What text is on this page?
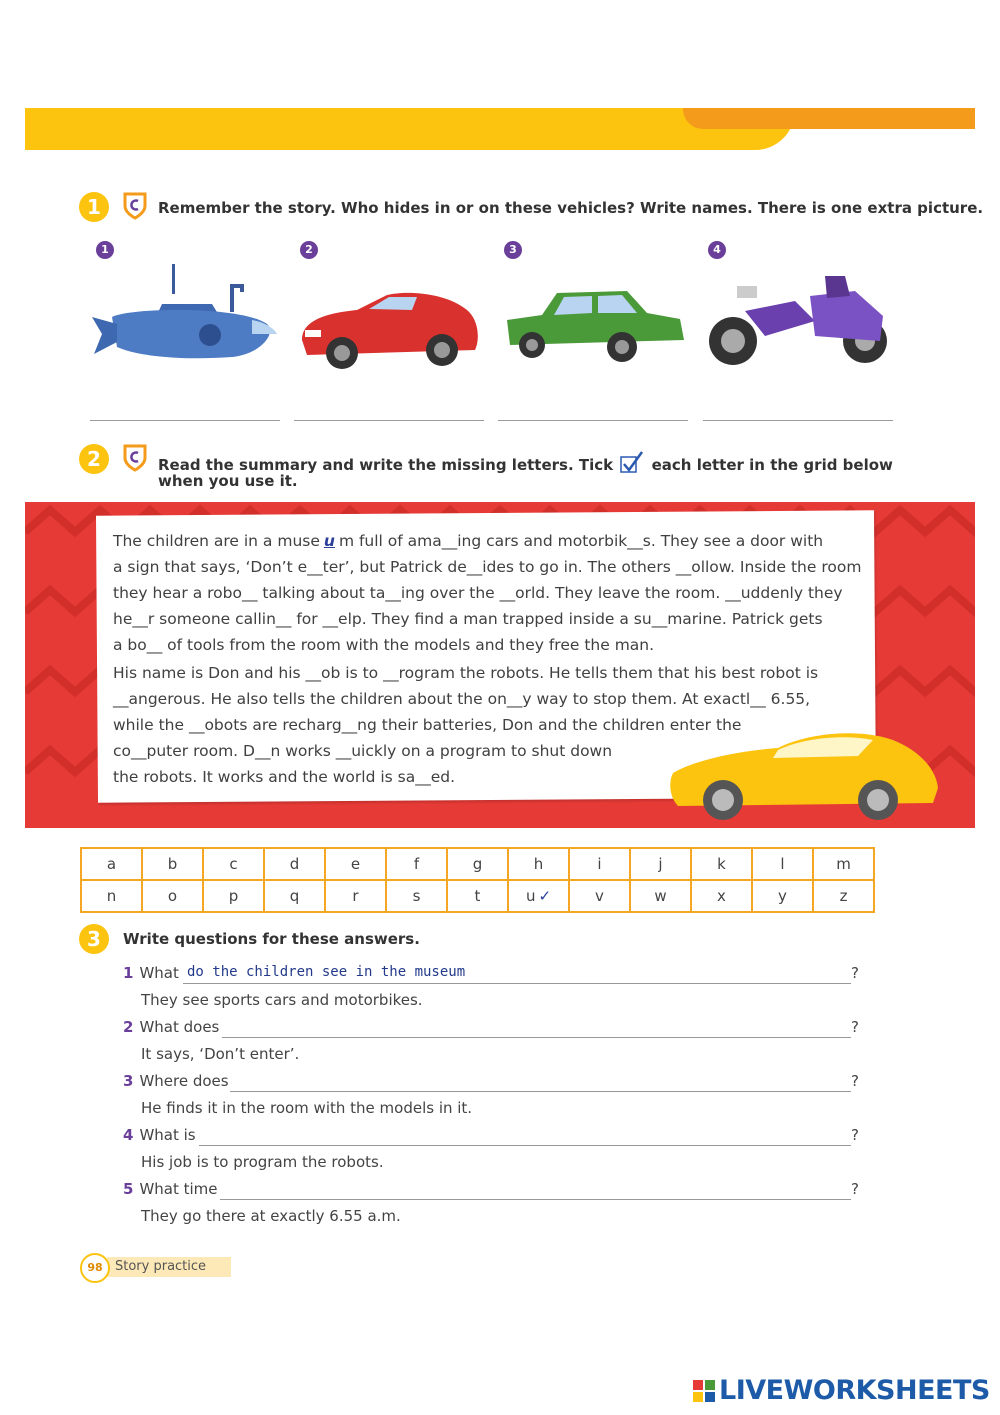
1	Remember the story. Who hides in or on these vehicles? Write names. There is one extra picture.
1	2	3	4
2	Read the summary and write the missing letters. Tick	each letter in the grid below
when you use it.
The children are in a muse u m full of ama__ing cars and motorbik__s. They see a door with
a sign that says, ‘Don’t e__ter’, but Patrick de__ides to go in. The others __ollow. Inside the room
they hear a robo__ talking about ta__ing over the __orld. They leave the room. __uddenly they
he__r someone callin__ for __elp. They find a man trapped inside a su__marine. Patrick gets
a bo__ of tools from the room with the models and they free the man.
His name is Don and his __ob is to __rogram the robots. He tells them that his best robot is
__angerous. He also tells the children about the on__y way to stop them. At exactl__ 6.55,
while the __obots are recharg__ng their batteries, Don and the children enter the
co__puter room. D__n works __uickly on a program to shut down
the robots. It works and the world is sa__ed.
a	b	c	d	e	f	g	h	i	j	k	l	m
n	o	p	q	r	s	t	u ✓	v	w	x	y	z
3	Write questions for these answers.
1 What do the children see in the museum	?
They see sports cars and motorbikes.
2 What does	?
It says, ‘Don’t enter’.
3 Where does	?
He finds it in the room with the models in it.
4 What is	?
His job is to program the robots.
5 What time	?
They go there at exactly 6.55 a.m.
Story practice
98
LIVEWORKSHEETS
